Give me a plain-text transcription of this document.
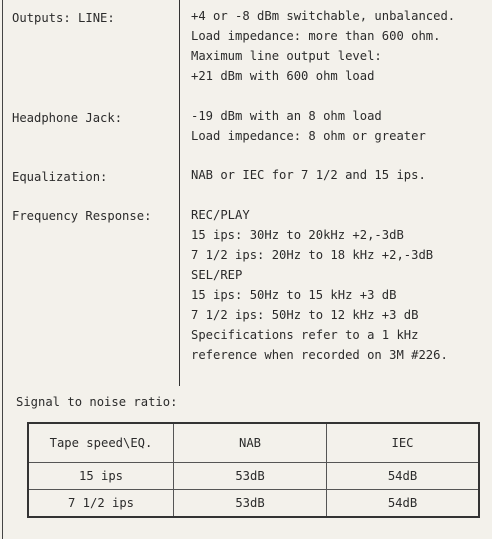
Outputs: LINE:	+4 or -8 dBm switchable, unbalanced.
Load impedance: more than 600 ohm.
Maximum line output level:
+21 dBm with 600 ohm load
Headphone Jack:	-19 dBm with an 8 ohm load
Load impedance: 8 ohm or greater
Equalization:	NAB or IEC for 7 1/2 and 15 ips.
Frequency Response:	REC/PLAY
15 ips: 30Hz to 20kHz +2,-3dB
7 1/2 ips: 20Hz to 18 kHz +2,-3dB
SEL/REP
15 ips: 50Hz to 15 kHz +3 dB
7 1/2 ips: 50Hz to 12 kHz +3 dB
Specifications refer to a 1 kHz
reference when recorded on 3M #226.
Signal to noise ratio:
Tape speed\EQ.	NAB	IEC
15 ips	53dB	54dB
7 1/2 ips	53dB	54dB
